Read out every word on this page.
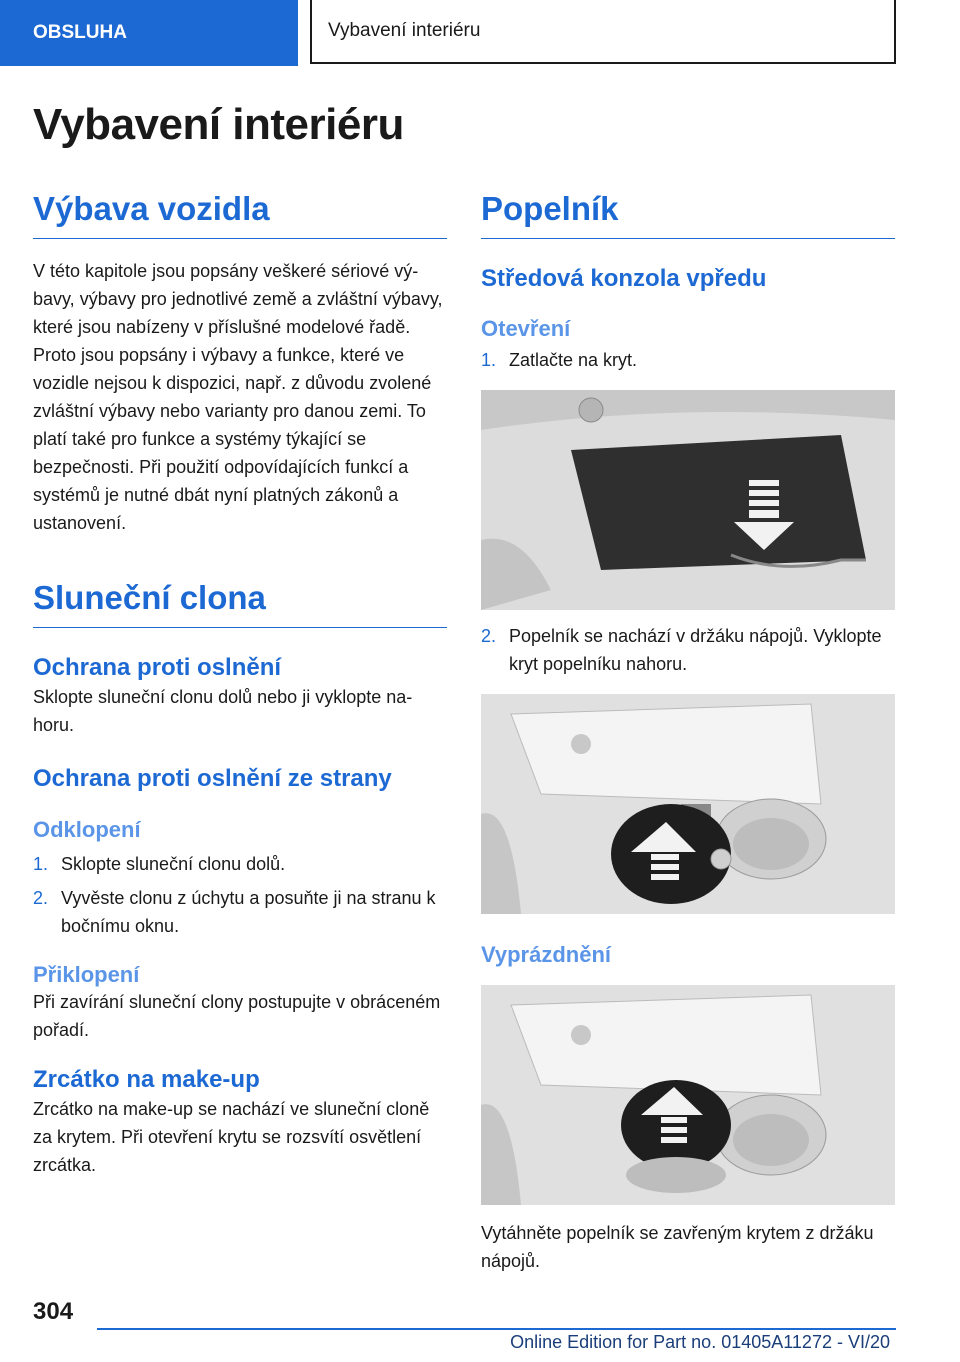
OBSLUHA	Vybavení interiéru
Vybavení interiéru
Výbava vozidla

V této kapitole jsou popsány veškeré sériové výbavy, výbavy pro jednotlivé země a zvláštní výbavy, které jsou nabízeny v příslušné modelové řadě. Proto jsou popsány i výbavy a funkce, které ve vozidle nejsou k dispozici, např. z důvodu zvolené zvláštní výbavy nebo varianty pro danou zemi. To platí také pro funkce a systémy týkající se bezpečnosti. Při použití odpovídajících funkcí a systémů je nutné dbát nyní platných zákonů a ustanovení.

Sluneční clona
Ochrana proti oslnění

Sklopte sluneční clonu dolů nebo ji vyklopte nahoru.

Ochrana proti oslnění ze strany
Odklopení
1. Sklopte sluneční clonu dolů.
2. Vyvěste clonu z úchytu a posuňte ji na stranu k bočnímu oknu.
Přiklopení

Při zavírání sluneční clony postupujte v obráceném pořadí.

Zrcátko na make-up

Zrcátko na make-up se nachází ve sluneční cloně za krytem. Při otevření krytu se rozsvítí osvětlení zrcátka.

Popelník
Středová konzola vpředu
Otevření
1. Zatlačte na kryt.
2. Popelník se nachází v držáku nápojů. Vyklopte kryt popelníku nahoru.
Vyprázdnění

Vytáhněte popelník se zavřeným krytem z držáku nápojů.

304
Online Edition for Part no. 01405A11272 - VI/20
